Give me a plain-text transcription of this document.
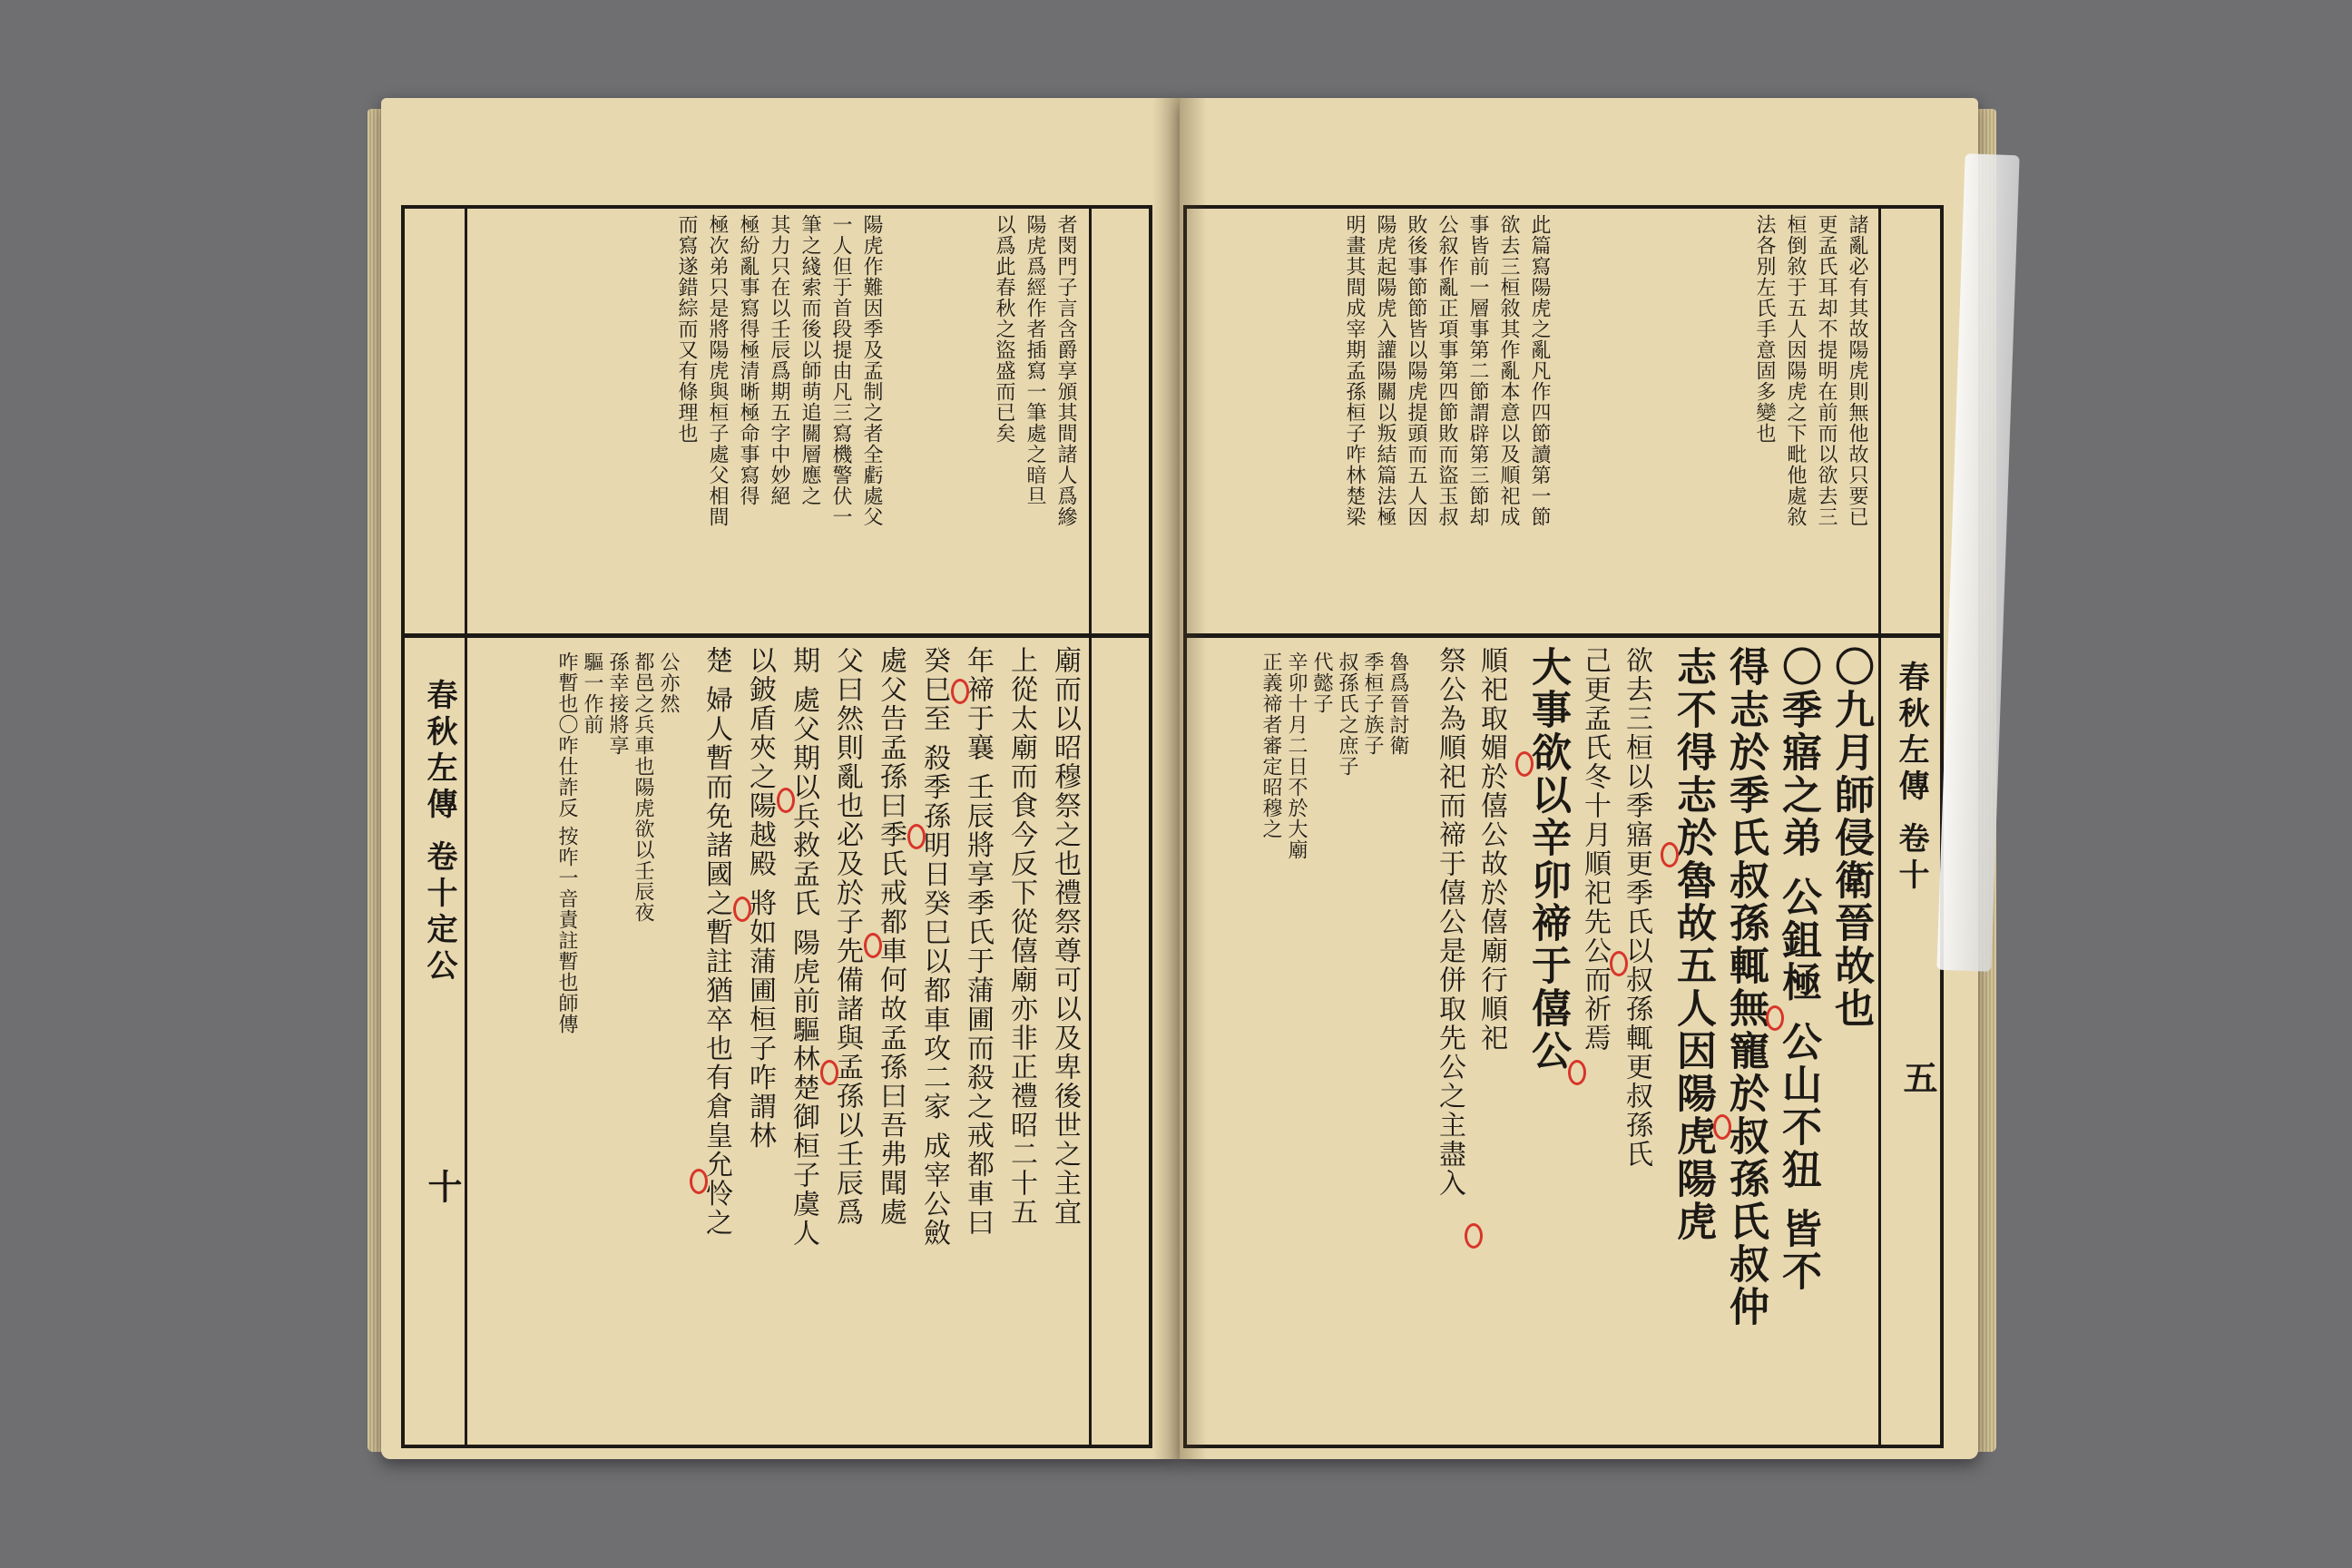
春秋左傳 卷十定公
十
者閔門子言含爵享頒其間諸人爲縿
陽虎爲經作者插寫一筆處之暗旦
以爲此春秋之盜盛而已矣
陽虎作難因季及孟制之者全虧處父
一人但于首段提由凡三寫機警伏一
筆之綫索而後以師萌追關層應之
其力只在以壬辰爲期五字中妙絕
極紛亂事寫得極清晰極命事寫得
極次弟只是將陽虎與桓子處父相間
而寫遂錯綜而又有條理也
廟而以昭穆祭之也禮祭尊可以及卑後世之主宜
上從太廟而食今反下從僖廟亦非正禮昭二十五
年禘于襄 壬辰將享季氏于蒲圃而殺之戒都車曰
癸巳至 殺季孫明日癸巳以都車攻二家 成宰公斂
處父告孟孫曰季氏戒都車何故孟孫曰吾弗聞處
父曰然則亂也必及於子先備諸與孟孫以壬辰爲
期 處父期以兵救孟氏 陽虎前驅林楚御桓子虞人
以鈹盾夾之陽越殿 將如蒲圃桓子咋謂林
楚 婦人暫而免諸國之暫註猶卒也有倉皇允怜之
公亦然
都邑之兵車也陽虎欲以壬辰夜
孫幸接將享
驅一作前
咋暫也〇咋仕詐反 按咋一音責註暫也師傳	春秋左傳 卷十
五
諸亂必有其故陽虎則無他故只要已
更孟氏耳却不提明在前而以欲去三
桓倒敘于五人因陽虎之下毗他處敘
法各別左氏手意固多變也
此篇寫陽虎之亂凡作四節讀第一節
欲去三桓敘其作亂本意以及順祀成
事皆前一層事第二節謂辟第三節却
公叙作亂正項事第四節敗而盜玉叔
敗後事節節皆以陽虎提頭而五人因
陽虎起陽虎入讙陽關以叛結篇法極
明畫其間成宰期孟孫桓子咋林楚梁
〇九月師侵衛晉故也
〇季寤之弟 公鉏極 公山不狃 皆不
得志於季氏叔孫輒無寵於叔孫氏叔仲
志不得志於魯故五人因陽虎陽虎
欲去三桓以季寤更季氏以叔孫輒更叔孫氏
己更孟氏冬十月順祀先公而祈焉
大事欲以辛卯禘于僖公
順祀取媚於僖公故於僖廟行順祀
祭公為順祀而禘于僖公是併取先公之主盡入
魯爲晉討衛
季桓子族子
叔孫氏之庶子
代懿子
辛卯十月二日不於大廟
正義禘者審定昭穆之
